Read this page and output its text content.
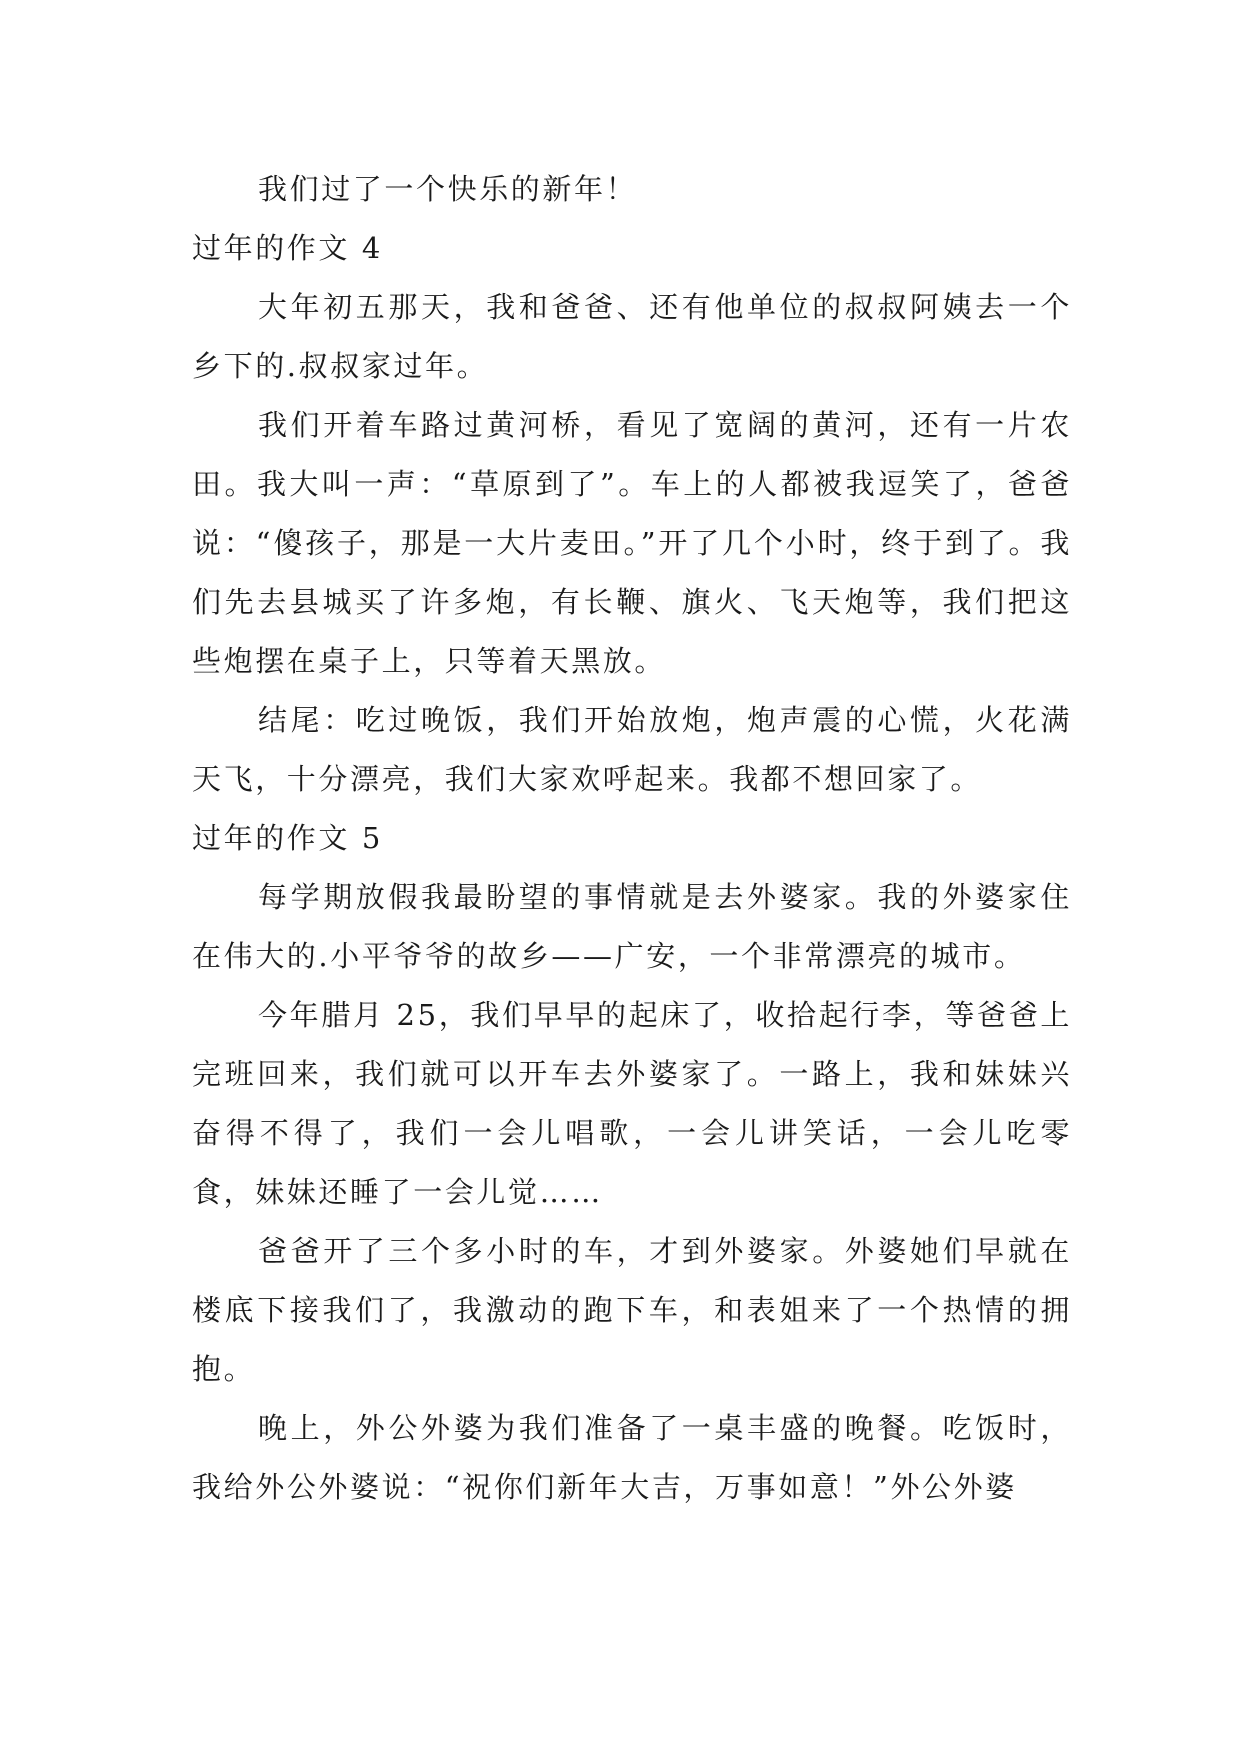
我们过了一个快乐的新年！

过年的作文 4

大年初五那天，我和爸爸、还有他单位的叔叔阿姨去一个乡下的.叔叔家过年。

我们开着车路过黄河桥，看见了宽阔的黄河，还有一片农田。我大叫一声：“草原到了”。车上的人都被我逗笑了，爸爸说：“傻孩子，那是一大片麦田。”开了几个小时，终于到了。我们先去县城买了许多炮，有长鞭、旗火、飞天炮等，我们把这些炮摆在桌子上，只等着天黑放。

结尾：吃过晚饭，我们开始放炮，炮声震的心慌，火花满天飞，十分漂亮，我们大家欢呼起来。我都不想回家了。

过年的作文 5

每学期放假我最盼望的事情就是去外婆家。我的外婆家住在伟大的.小平爷爷的故乡——广安，一个非常漂亮的城市。

今年腊月 25，我们早早的起床了，收拾起行李，等爸爸上完班回来，我们就可以开车去外婆家了。一路上，我和妹妹兴奋得不得了，我们一会儿唱歌，一会儿讲笑话，一会儿吃零食，妹妹还睡了一会儿觉……

爸爸开了三个多小时的车，才到外婆家。外婆她们早就在楼底下接我们了，我激动的跑下车，和表姐来了一个热情的拥抱。

晚上，外公外婆为我们准备了一桌丰盛的晚餐。吃饭时，我给外公外婆说：“祝你们新年大吉，万事如意！”外公外婆
